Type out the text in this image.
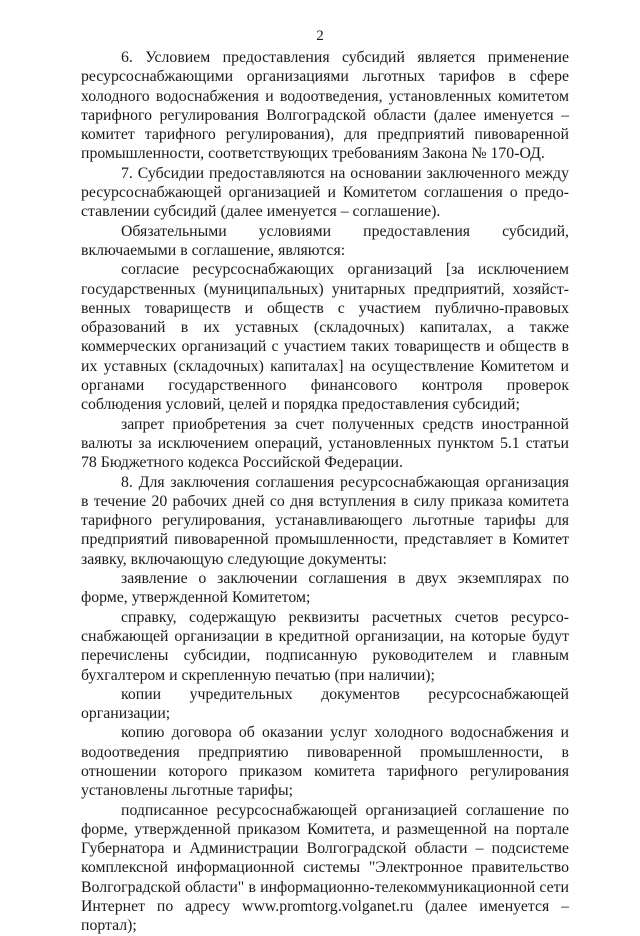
2

6. Условием предоставления субсидий является применение ресурсоснабжающими организациями льготных тарифов в сфере холодного водоснабжения и водоотведения, установленных комитетом тарифного регулирования Волгоградской области (далее именуется – комитет тарифного регулирования), для предприятий пивоваренной промышленности, соответствующих требованиям Закона № 170-ОД.

7. Субсидии предоставляются на основании заключенного между ресурсоснабжающей организацией и Комитетом соглашения о предоставлении субсидий (далее именуется – соглашение).

Обязательными условиями предоставления субсидий, включаемыми в соглашение, являются:

согласие ресурсоснабжающих организаций [за исключением государственных (муниципальных) унитарных предприятий, хозяйственных товариществ и обществ с участием публично-правовых образований в их уставных (складочных) капиталах, а также коммерческих организаций с участием таких товариществ и обществ в их уставных (складочных) капиталах] на осуществление Комитетом и органами государственного финансового контроля проверок соблюдения условий, целей и порядка предоставления субсидий;

запрет приобретения за счет полученных средств иностранной валюты за исключением операций, установленных пунктом 5.1 статьи 78 Бюджетного кодекса Российской Федерации.

8. Для заключения соглашения ресурсоснабжающая организация в течение 20 рабочих дней со дня вступления в силу приказа комитета тарифного регулирования, устанавливающего льготные тарифы для предприятий пивоваренной промышленности, представляет в Комитет заявку, включающую следующие документы:

заявление о заключении соглашения в двух экземплярах по форме, утвержденной Комитетом;

справку, содержащую реквизиты расчетных счетов ресурсоснабжающей организации в кредитной организации, на которые будут перечислены субсидии, подписанную руководителем и главным бухгалтером и скрепленную печатью (при наличии);

копии учредительных документов ресурсоснабжающей организации;

копию договора об оказании услуг холодного водоснабжения и водоотведения предприятию пивоваренной промышленности, в отношении которого приказом комитета тарифного регулирования установлены льготные тарифы;

подписанное ресурсоснабжающей организацией соглашение по форме, утвержденной приказом Комитета, и размещенной на портале Губернатора и Администрации Волгоградской области – подсистеме комплексной информационной системы "Электронное правительство Волгоградской области" в информационно-телекоммуникационной сети Интернет по адресу www.promtorg.volganet.ru (далее именуется – портал);
